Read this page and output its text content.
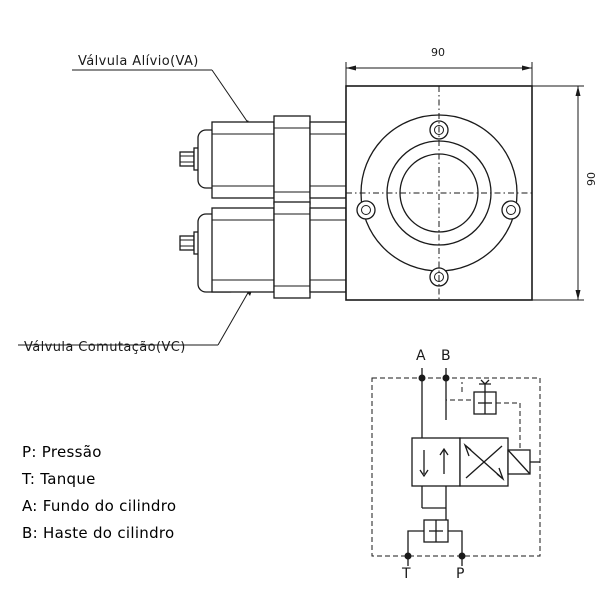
Válvula Alívio(VA)
Válvula Comutação(VC)
90
90
A B
T	P
P: Pressão
T: Tanque
A: Fundo do cilindro
B: Haste do cilindro
